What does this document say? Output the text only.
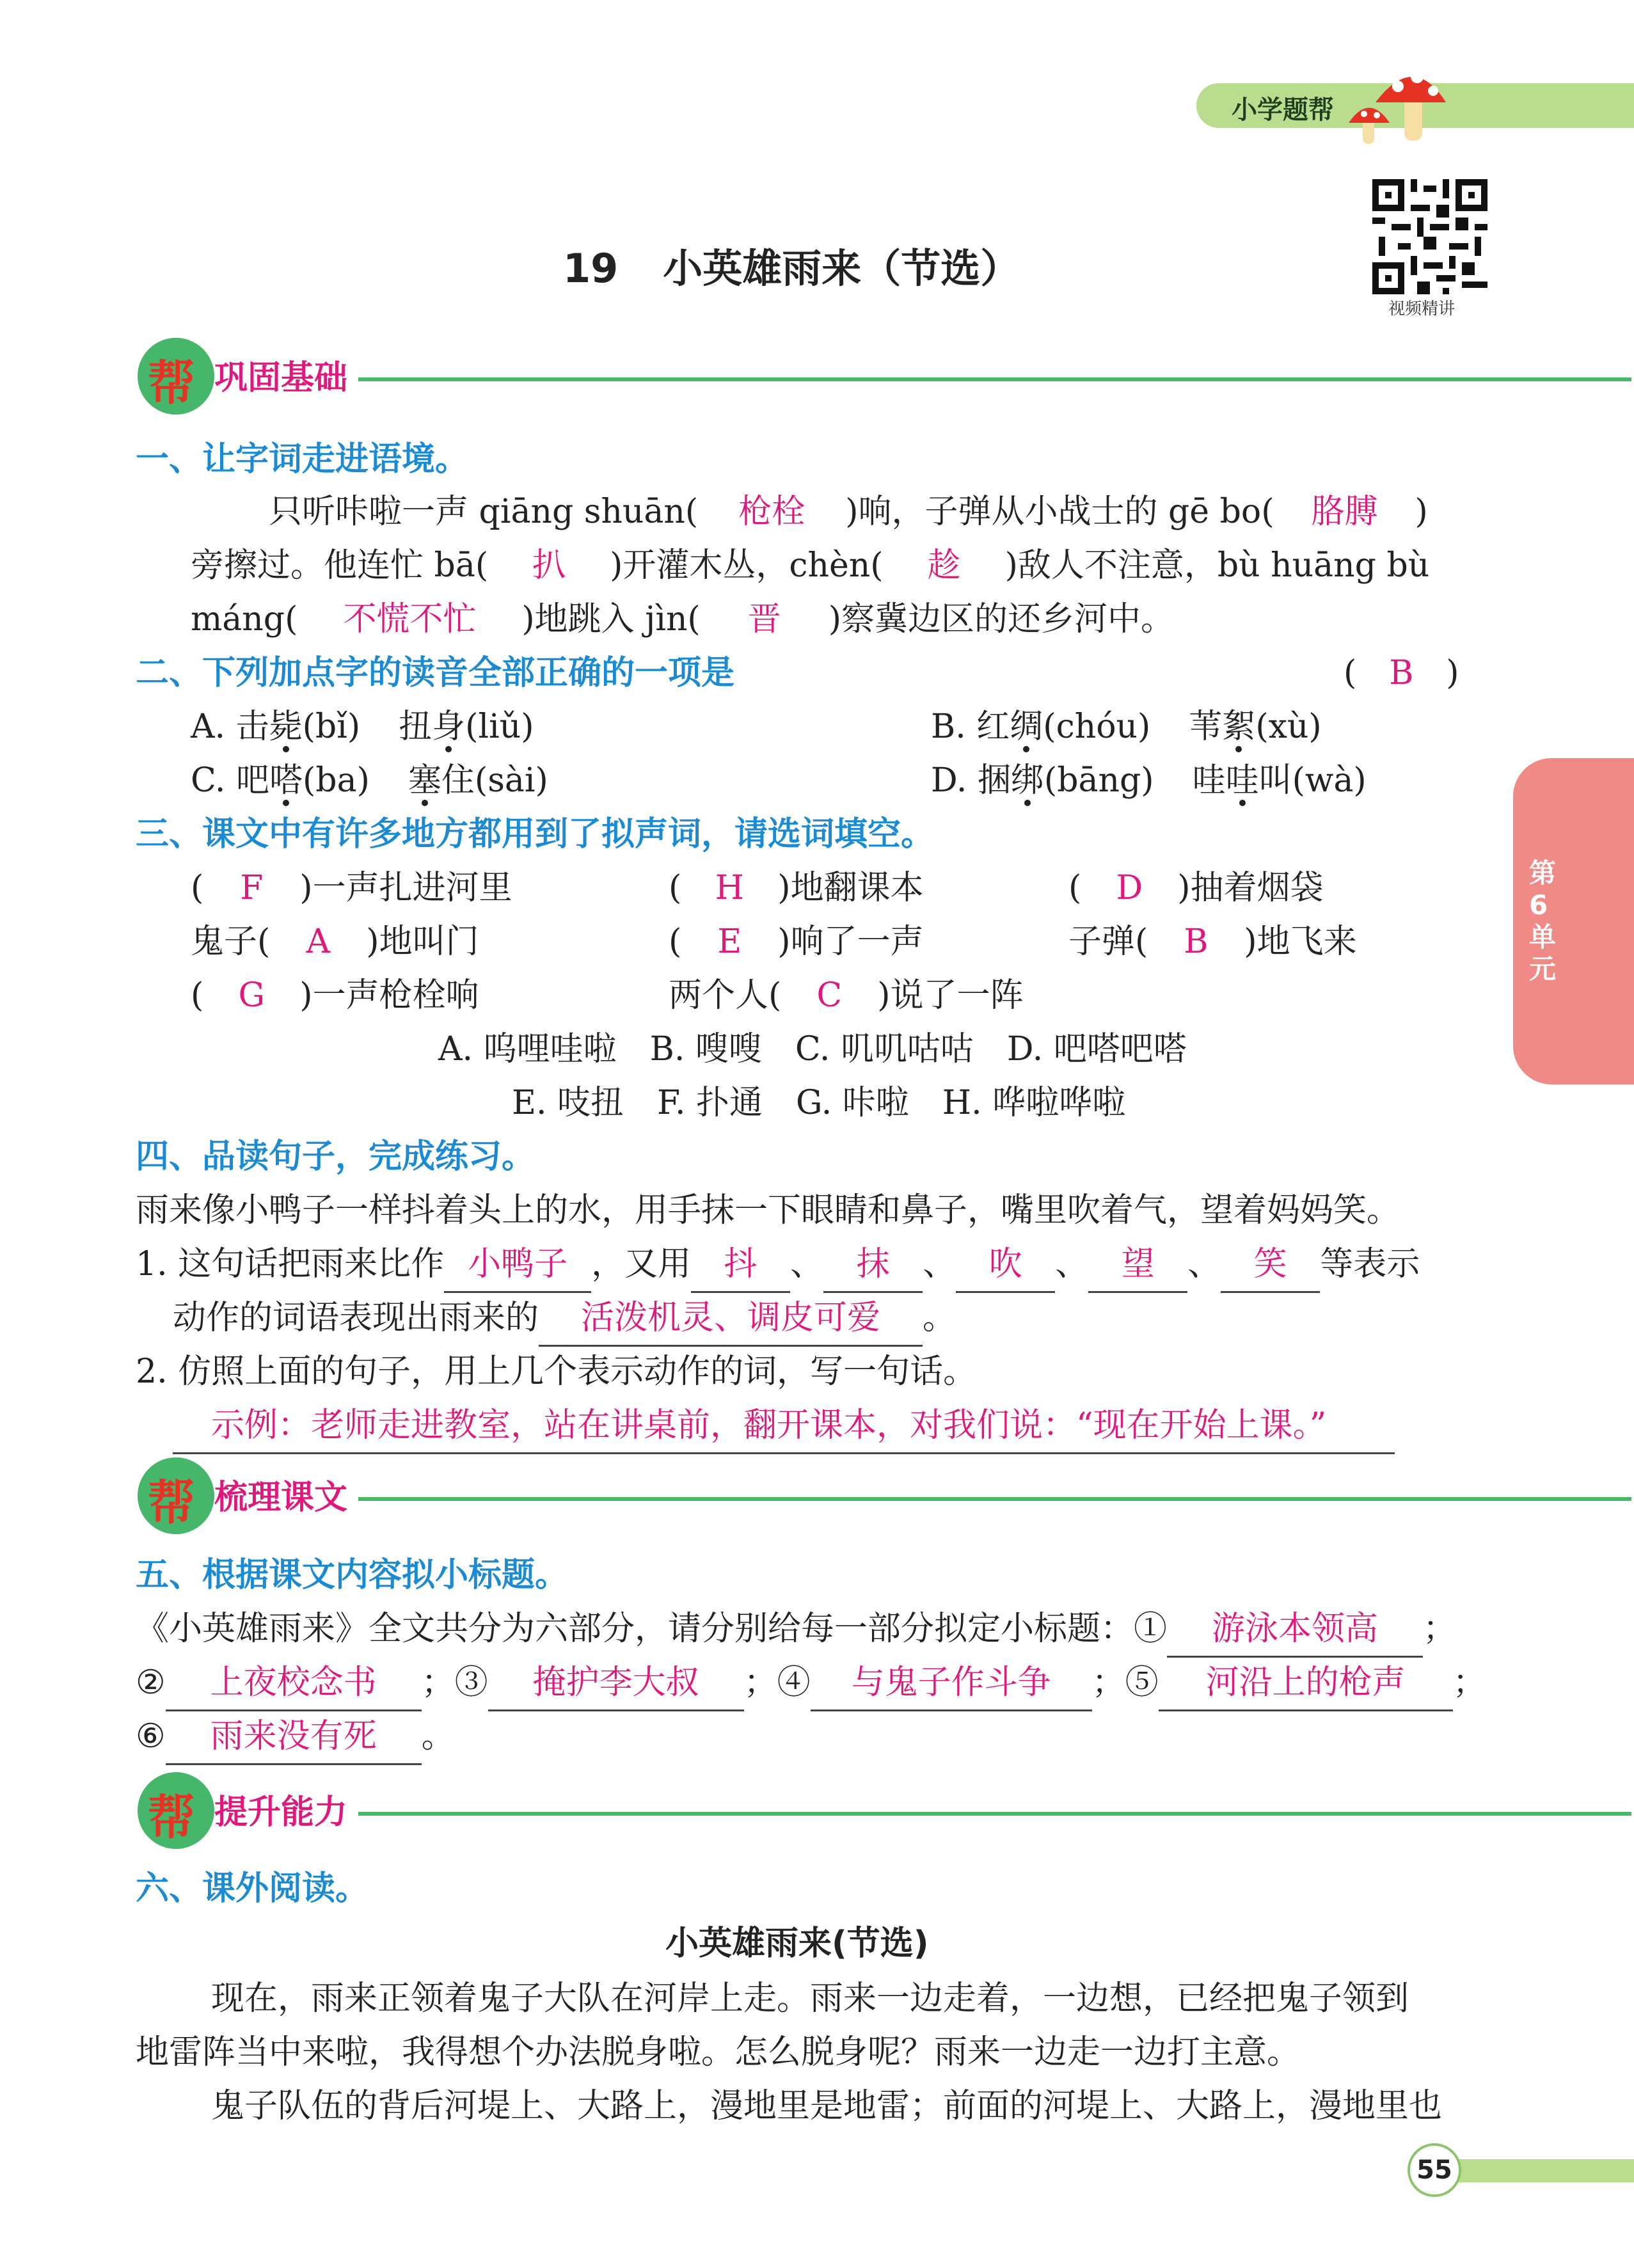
小学题帮
视频精讲
19 小英雄雨来（节选）
第6单元
帮 巩固基础
一、让字词走进语境。
只听咔啦一声 qiāng shuān( 枪栓 )响，子弹从小战士的 gē bo( 胳膊 )
旁擦过。他连忙 bā( 扒 )开灌木丛，chèn( 趁 )敌人不注意，bù huāng bù
máng( 不慌不忙 )地跳入 jìn( 晋 )察冀边区的还乡河中。
二、下列加点字的读音全部正确的一项是	( B )
A. 击毙(bǐ) 扭身(liǔ)	B. 红绸(chóu) 苇絮(xù)
C. 吧嗒(ba) 塞住(sài)	D. 捆绑(bāng) 哇哇叫(wà)
三、课文中有许多地方都用到了拟声词，请选词填空。
( F )一声扎进河里	( H )地翻课本	( D )抽着烟袋
鬼子( A )地叫门	( E )响了一声	子弹( B )地飞来
( G )一声枪栓响	两个人( C )说了一阵
A. 呜哩哇啦　B. 嗖嗖　C. 叽叽咕咕　D. 吧嗒吧嗒
E. 吱扭　F. 扑通　G. 咔啦　H. 哗啦哗啦
四、品读句子，完成练习。
雨来像小鸭子一样抖着头上的水，用手抹一下眼睛和鼻子，嘴里吹着气，望着妈妈笑。
1. 这句话把雨来比作 小鸭子 ，又用 抖 、 抹 、 吹 、 望 、 笑 等表示
动作的词语表现出雨来的 活泼机灵、调皮可爱 。
2. 仿照上面的句子，用上几个表示动作的词，写一句话。
示例：老师走进教室，站在讲桌前，翻开课本，对我们说：“现在开始上课。”
帮 梳理课文
五、根据课文内容拟小标题。
《小英雄雨来》全文共分为六部分，请分别给每一部分拟定小标题：① 游泳本领高 ；
② 上夜校念书 ；③ 掩护李大叔 ；④ 与鬼子作斗争 ；⑤ 河沿上的枪声 ；
⑥ 雨来没有死 。
帮 提升能力
六、课外阅读。
小英雄雨来(节选)
现在，雨来正领着鬼子大队在河岸上走。雨来一边走着，一边想，已经把鬼子领到
地雷阵当中来啦，我得想个办法脱身啦。怎么脱身呢？雨来一边走一边打主意。
鬼子队伍的背后河堤上、大路上，漫地里是地雷；前面的河堤上、大路上，漫地里也
55
